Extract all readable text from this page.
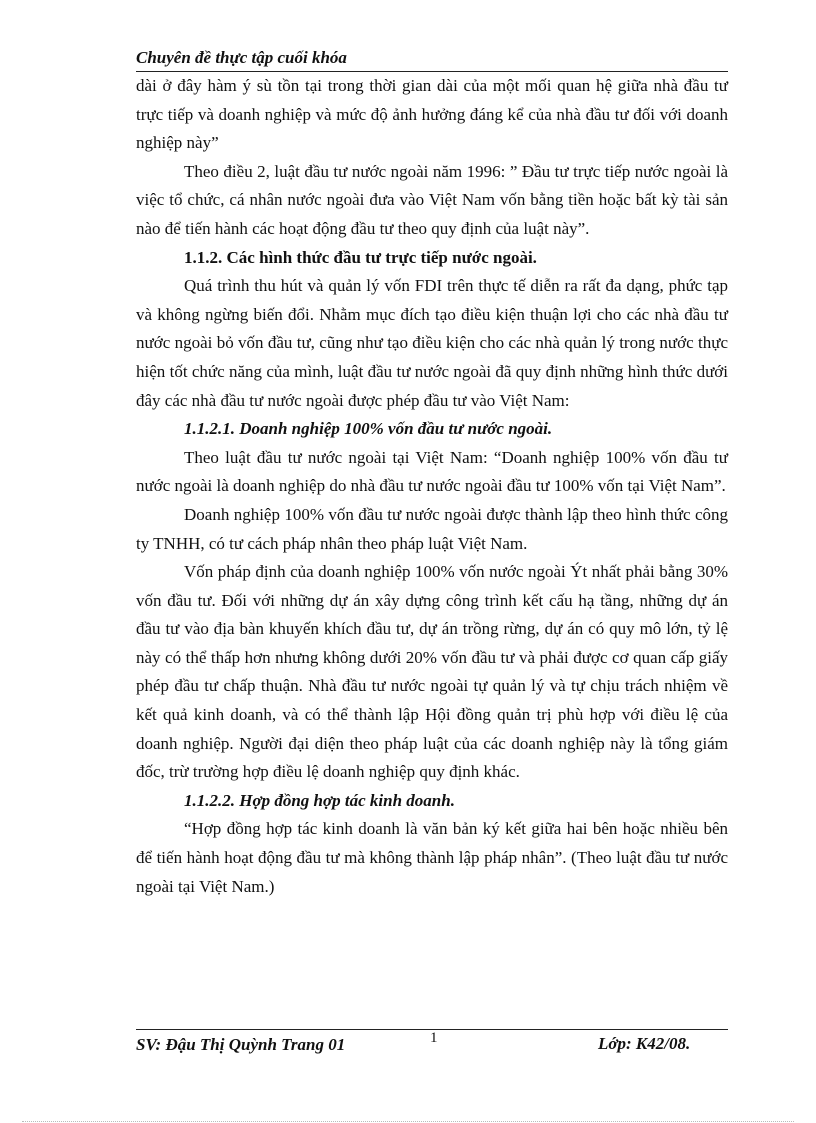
Chuyên đề thực tập cuối khóa

dài ở đây hàm ý sù tồn tại trong thời gian dài của một mối quan hệ giữa nhà đầu tư trực tiếp và doanh nghiệp và mức độ ảnh hưởng đáng kể của nhà đầu tư đối với doanh nghiệp này”

Theo điều 2, luật đầu tư nước ngoài năm 1996: ” Đầu tư trực tiếp nước ngoài là việc tổ chức, cá nhân nước ngoài đưa vào Việt Nam vốn bằng tiền hoặc bất kỳ tài sản nào để tiến hành các hoạt động đầu tư theo quy định của luật này”.

1.1.2. Các hình thức đầu tư trực tiếp nước ngoài.

Quá trình thu hút và quản lý vốn FDI trên thực tế diễn ra rất đa dạng, phức tạp và không ngừng biến đổi. Nhằm mục đích tạo điều kiện thuận lợi cho các nhà đầu tư nước ngoài bỏ vốn đầu tư, cũng như tạo điều kiện cho các nhà quản lý trong nước thực hiện tốt chức năng của mình, luật đầu tư nước ngoài đã quy định những hình thức dưới đây các nhà đầu tư nước ngoài được phép đầu tư vào Việt Nam:

1.1.2.1. Doanh nghiệp 100% vốn đầu tư nước ngoài.

Theo luật đầu tư nước ngoài tại Việt Nam: “Doanh nghiệp 100% vốn đầu tư nước ngoài là doanh nghiệp do nhà đầu tư nước ngoài đầu tư 100% vốn tại Việt Nam”.

Doanh nghiệp 100% vốn đầu tư nước ngoài được thành lập theo hình thức công ty TNHH, có tư cách pháp nhân theo pháp luật Việt Nam.

Vốn pháp định của doanh nghiệp 100% vốn nước ngoài Ýt nhất phải bằng 30% vốn đầu tư. Đối với những dự án xây dựng công trình kết cấu hạ tầng, những dự án đầu tư vào địa bàn khuyến khích đầu tư, dự án trồng rừng, dự án có quy mô lớn, tỷ lệ này có thể thấp hơn nhưng không dưới 20% vốn đầu tư và phải được cơ quan cấp giấy phép đầu tư chấp thuận. Nhà đầu tư nước ngoài tự quản lý và tự chịu trách nhiệm về kết quả kinh doanh, và có thể thành lập Hội đồng quản trị phù hợp với điều lệ của doanh nghiệp. Người đại diện theo pháp luật của các doanh nghiệp này là tổng giám đốc, trừ trường hợp điều lệ doanh nghiệp quy định khác.

1.1.2.2. Hợp đồng hợp tác kinh doanh.

“Hợp đồng hợp tác kinh doanh là văn bản ký kết giữa hai bên hoặc nhiều bên để tiến hành hoạt động đầu tư mà không thành lập pháp nhân”. (Theo luật đầu tư nước ngoài tại Việt Nam.)

SV: Đậu Thị Quỳnh Trang 01	1	Lớp: K42/08.
